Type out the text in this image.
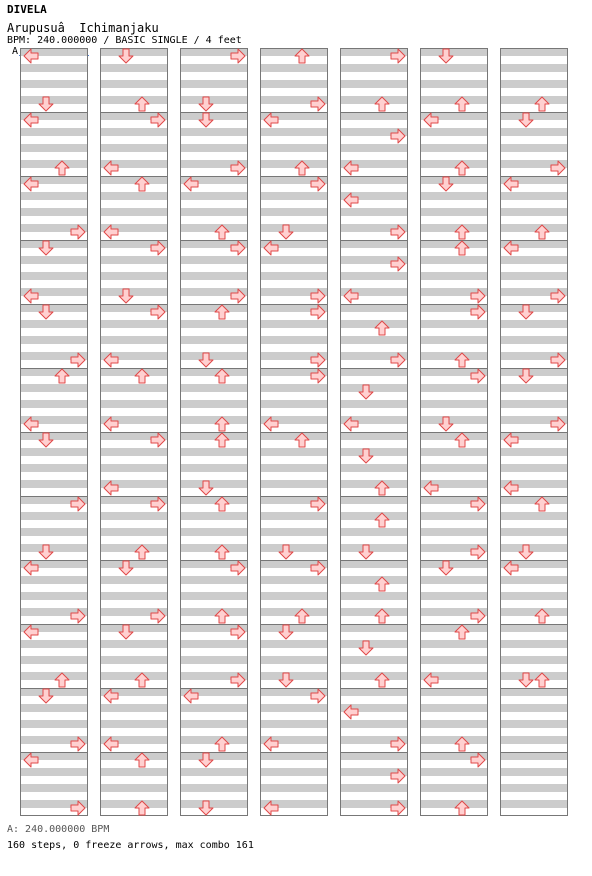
DIVELA
Arupusuâ  Ichimanjaku
BPM: 240.000000 / BASIC SINGLE / 4 feet
A
A: 240.000000 BPM
160 steps, 0 freeze arrows, max combo 161
